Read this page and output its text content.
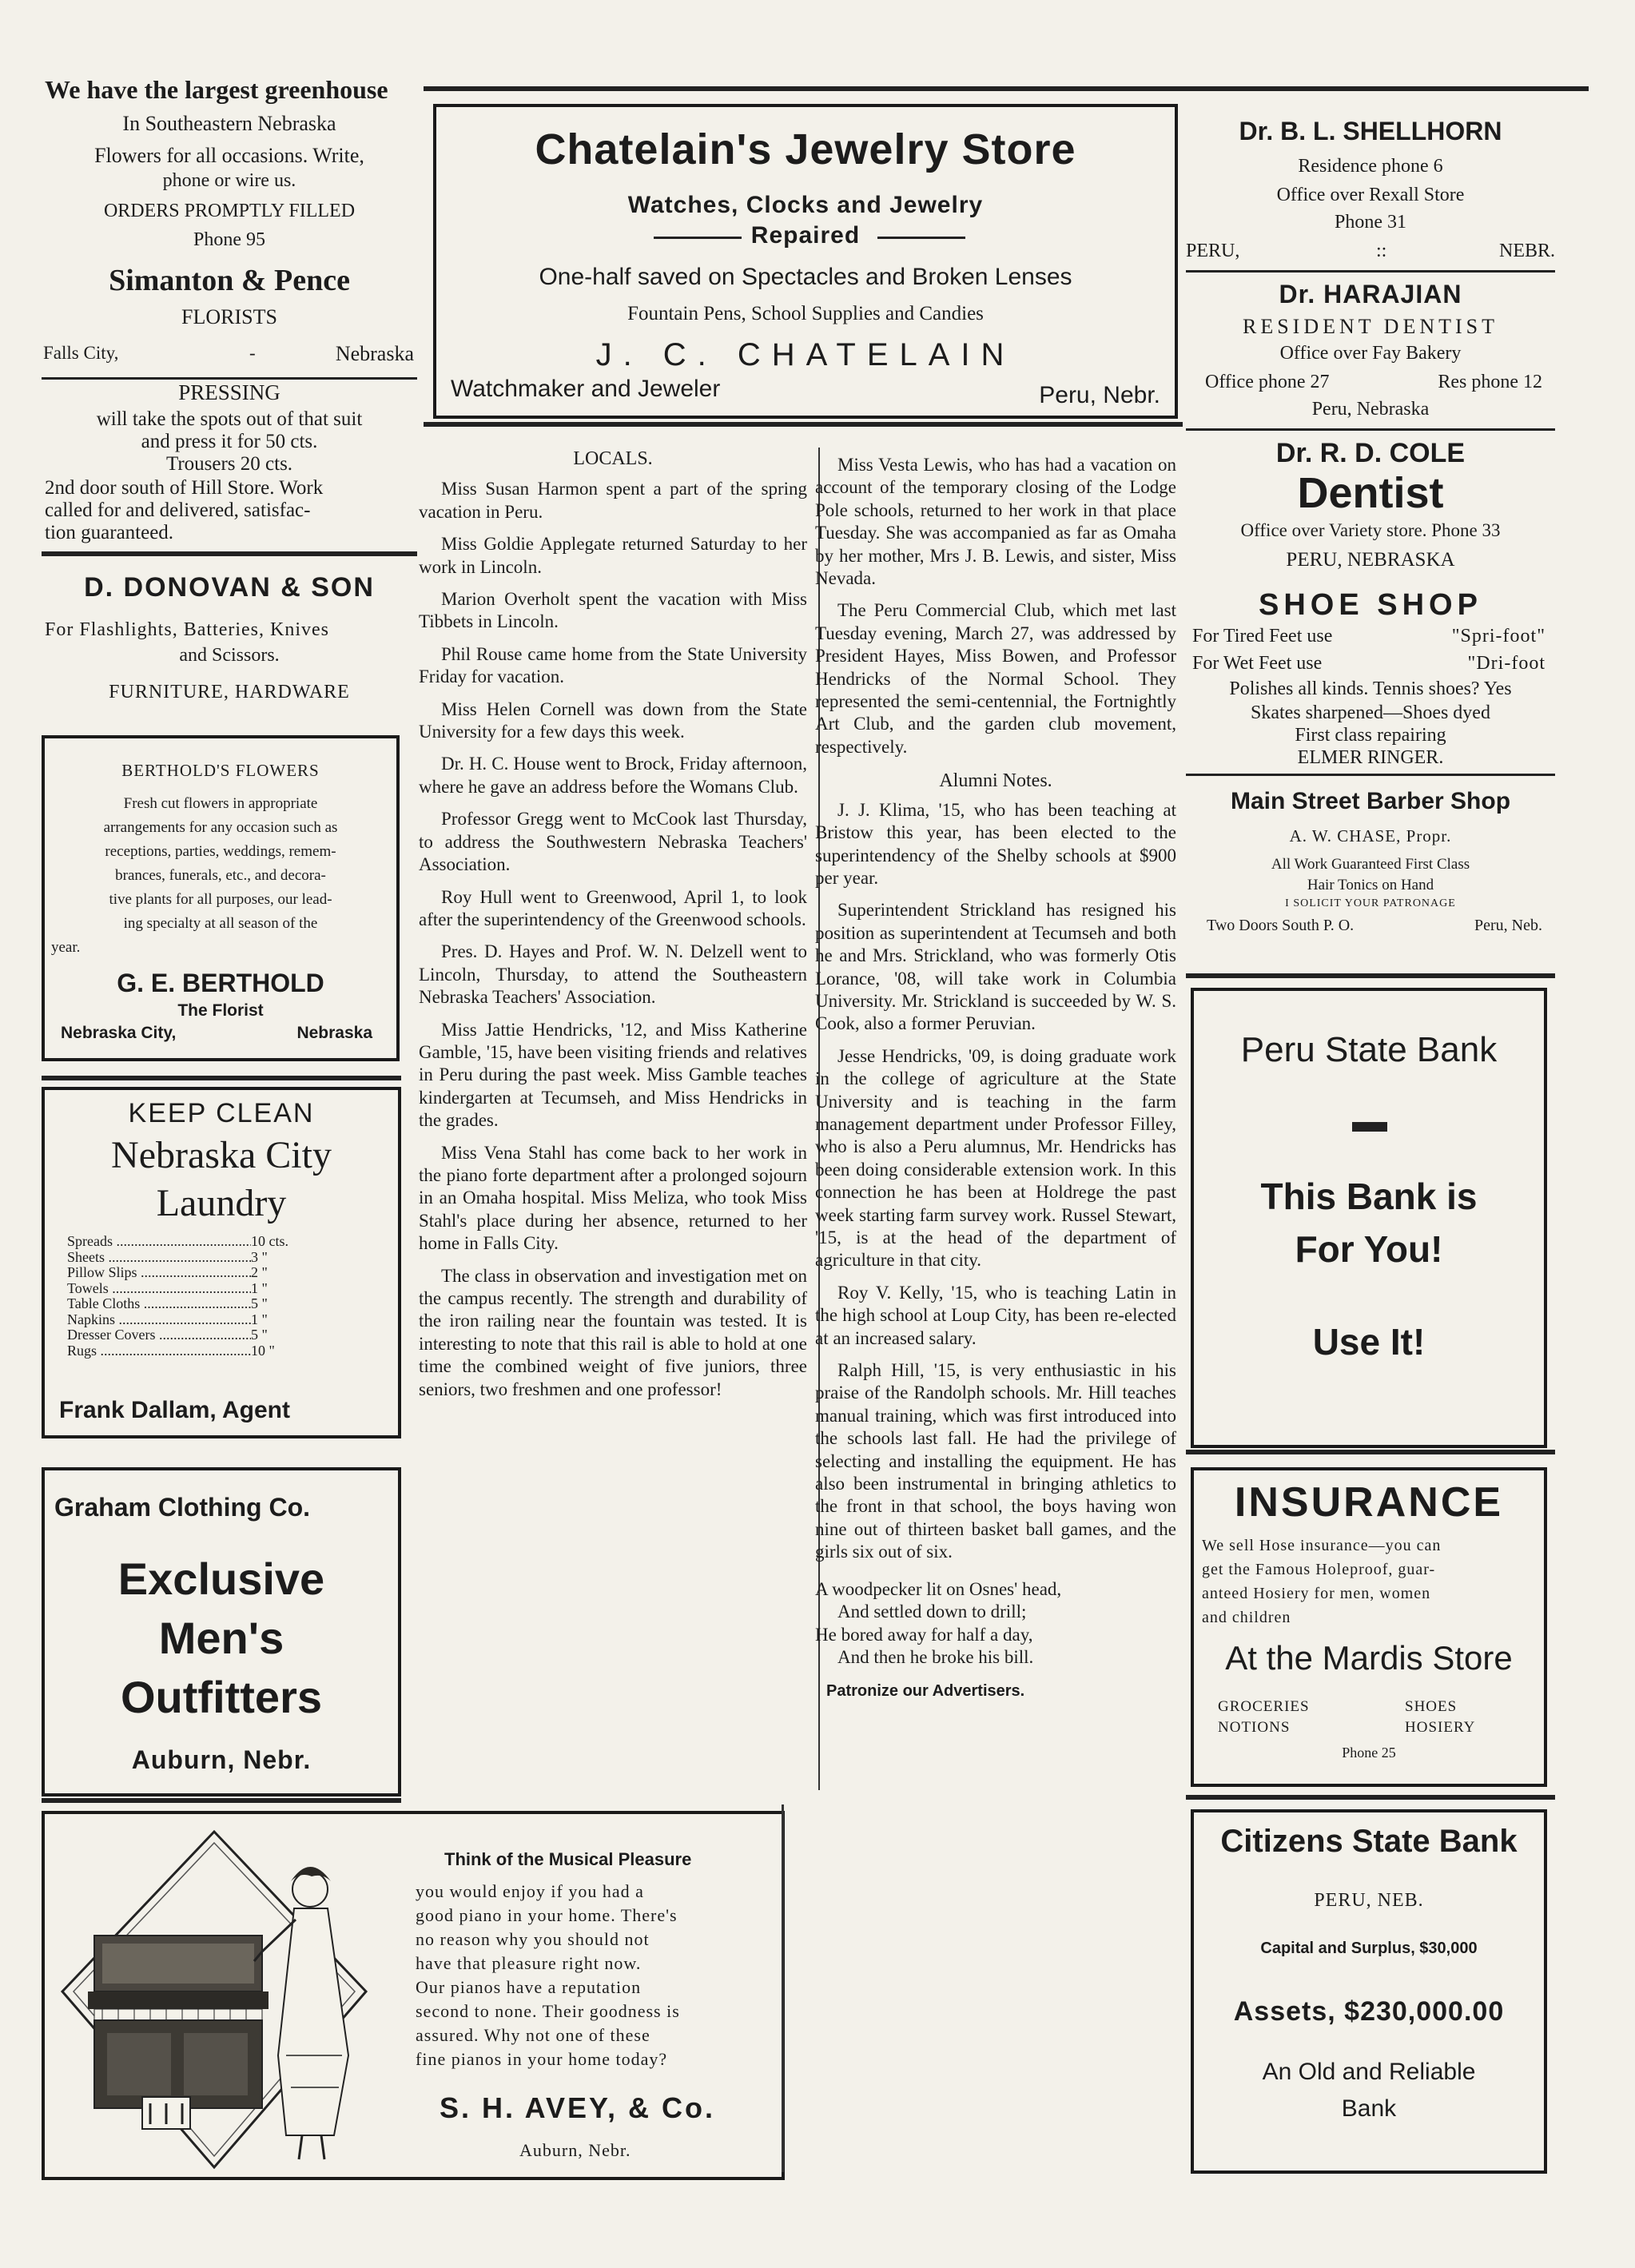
We have the largest greenhouse
In Southeastern Nebraska
Flowers for all occasions. Write,
phone or wire us.
ORDERS PROMPTLY FILLED
Phone 95
Simanton & Pence
FLORISTS
Falls City,	-	Nebraska
PRESSING
will take the spots out of that suit
and press it for 50 cts.
Trousers 20 cts.
2nd door south of Hill Store. Work
called for and delivered, satisfac-
tion guaranteed.
D. DONOVAN & SON
For Flashlights, Batteries, Knives
and Scissors.
FURNITURE, HARDWARE
BERTHOLD'S FLOWERS
Fresh cut flowers in appropriate
arrangements for any occasion such as
receptions, parties, weddings, remem-
brances, funerals, etc., and decora-
tive plants for all purposes, our lead-
ing specialty at all season of the
year.
G. E. BERTHOLD
The Florist
Nebraska City,	Nebraska
KEEP CLEAN
Nebraska City
Laundry
Spreads .....	10 cts.
Sheets .....	3 "
Pillow Slips .....	2 "
Towels .....	1 "
Table Cloths .....	5 "
Napkins .....	1 "
Dresser Covers .....	5 "
Rugs .....	10 "
Frank Dallam, Agent
Graham Clothing Co.
Exclusive
Men's
Outfitters
Auburn, Nebr.
Think of the Musical Pleasure
you would enjoy if you had a
good piano in your home. There's
no reason why you should not
have that pleasure right now.
Our pianos have a reputation
second to none. Their goodness is
assured. Why not one of these
fine pianos in your home today?
S. H. AVEY, & Co.
Auburn, Nebr.
Chatelain's Jewelry Store
Watches, Clocks and Jewelry
Repaired
One-half saved on Spectacles and Broken Lenses
Fountain Pens, School Supplies and Candies
J. C. CHATELAIN
Watchmaker and Jeweler	Peru, Nebr.
LOCALS.

Miss Susan Harmon spent a part of the spring vacation in Peru.

Miss Goldie Applegate returned Saturday to her work in Lincoln.

Marion Overholt spent the vacation with Miss Tibbets in Lincoln.

Phil Rouse came home from the State University Friday for vacation.

Miss Helen Cornell was down from the State University for a few days this week.

Dr. H. C. House went to Brock, Friday afternoon, where he gave an address before the Womans Club.

Professor Gregg went to McCook last Thursday, to address the Southwestern Nebraska Teachers' Association.

Roy Hull went to Greenwood, April 1, to look after the superintendency of the Greenwood schools.

Pres. D. Hayes and Prof. W. N. Delzell went to Lincoln, Thursday, to attend the Southeastern Nebraska Teachers' Association.

Miss Jattie Hendricks, '12, and Miss Katherine Gamble, '15, have been visiting friends and relatives in Peru during the past week. Miss Gamble teaches kindergarten at Tecumseh, and Miss Hendricks in the grades.

Miss Vena Stahl has come back to her work in the piano forte department after a prolonged sojourn in an Omaha hospital. Miss Meliza, who took Miss Stahl's place during her absence, returned to her home in Falls City.

The class in observation and investigation met on the campus recently. The strength and durability of the iron railing near the fountain was tested. It is interesting to note that this rail is able to hold at one time the combined weight of five juniors, three seniors, two freshmen and one professor!

Miss Vesta Lewis, who has had a vacation on account of the temporary closing of the Lodge Pole schools, returned to her work in that place Tuesday. She was accompanied as far as Omaha by her mother, Mrs J. B. Lewis, and sister, Miss Nevada.

The Peru Commercial Club, which met last Tuesday evening, March 27, was addressed by President Hayes, Miss Bowen, and Professor Hendricks of the Normal School. They represented the semi-centennial, the Fortnightly Art Club, and the garden club movement, respectively.

Alumni Notes.

J. J. Klima, '15, who has been teaching at Bristow this year, has been elected to the superintendency of the Shelby schools at $900 per year.

Superintendent Strickland has resigned his position as superintendent at Tecumseh and both he and Mrs. Strickland, who was formerly Otis Lorance, '08, will take work in Columbia University. Mr. Strickland is succeeded by W. S. Cook, also a former Peruvian.

Jesse Hendricks, '09, is doing graduate work in the college of agriculture at the State University and is teaching in the farm management department under Professor Filley, who is also a Peru alumnus, Mr. Hendricks has been doing considerable extension work. In this connection he has been at Holdrege the past week starting farm survey work. Russel Stewart, '15, is at the head of the department of agriculture in that city.

Roy V. Kelly, '15, who is teaching Latin in the high school at Loup City, has been re-elected at an increased salary.

Ralph Hill, '15, is very enthusiastic in his praise of the Randolph schools. Mr. Hill teaches manual training, which was first introduced into the schools last fall. He had the privilege of selecting and installing the equipment. He has also been instrumental in bringing athletics to the front in that school, the boys having won nine out of thirteen basket ball games, and the girls six out of six.

A woodpecker lit on Osnes' head,
And settled down to drill;
He bored away for half a day,
And then he broke his bill.
Patronize our Advertisers.
Dr. B. L. SHELLHORN
Residence phone 6
Office over Rexall Store
Phone 31
PERU,	::	NEBR.
Dr. HARAJIAN
RESIDENT DENTIST
Office over Fay Bakery
Office phone 27	Res phone 12
Peru, Nebraska
Dr. R. D. COLE
Dentist
Office over Variety store. Phone 33
PERU, NEBRASKA
SHOE SHOP
For Tired Feet use	"Spri-foot"
For Wet Feet use	"Dri-foot
Polishes all kinds. Tennis shoes? Yes
Skates sharpened—Shoes dyed
First class repairing
ELMER RINGER.
Main Street Barber Shop
A. W. CHASE, Propr.
All Work Guaranteed First Class
Hair Tonics on Hand
I SOLICIT YOUR PATRONAGE
Two Doors South P. O.	Peru, Neb.
Peru State Bank
This Bank is
For You!
Use It!
INSURANCE
We sell Hose insurance—you can
get the Famous Holeproof, guar-
anteed Hosiery for men, women
and children
At the Mardis Store
GROCERIES	SHOES
NOTIONS	HOSIERY
Phone 25
Citizens State Bank
PERU, NEB.
Capital and Surplus, $30,000
Assets, $230,000.00
An Old and Reliable
Bank
